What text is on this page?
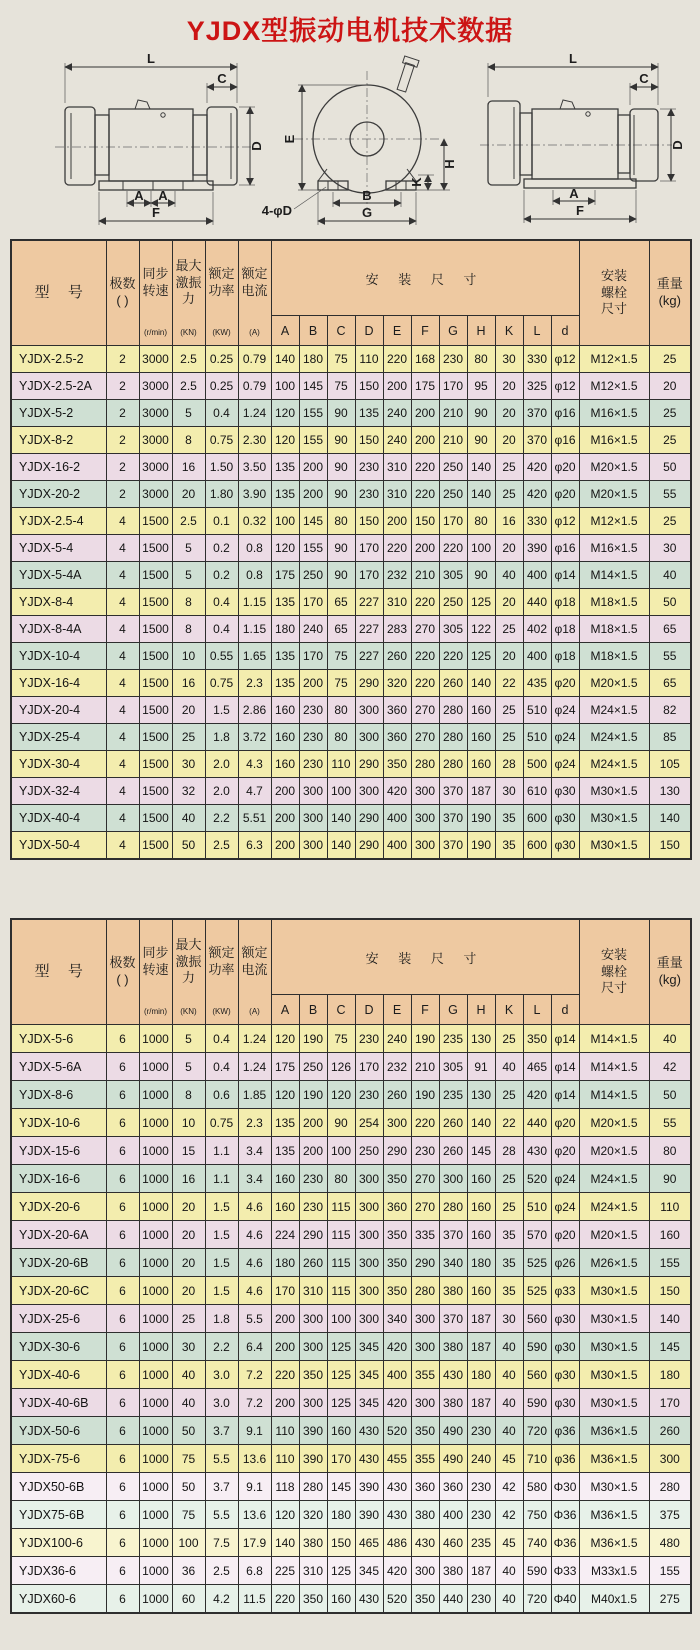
YJDX型振动电机技术数据
L
C
D
A A
F
E
H
K
B
G
4-φD
L
C
D
A
F
型 号

极数
( )

同步
转速
(r/min)

最大
激振
力
(KN)

额定
功率
(KW)

额定
电流
(A)
	安 装 尺 寸	安装
螺栓
尺寸

重量
(kg)

						A	B	C	D	E	F	G	H	K	L	d		
YJDX-2.5-2	2	3000	2.5	0.25	0.79	140	180	75	110	220	168	230	80	30	330	φ12	M12×1.5	25
YJDX-2.5-2A	2	3000	2.5	0.25	0.79	100	145	75	150	200	175	170	95	20	325	φ12	M12×1.5	20
YJDX-5-2	2	3000	5	0.4	1.24	120	155	90	135	240	200	210	90	20	370	φ16	M16×1.5	25
YJDX-8-2	2	3000	8	0.75	2.30	120	155	90	150	240	200	210	90	20	370	φ16	M16×1.5	25
YJDX-16-2	2	3000	16	1.50	3.50	135	200	90	230	310	220	250	140	25	420	φ20	M20×1.5	50
YJDX-20-2	2	3000	20	1.80	3.90	135	200	90	230	310	220	250	140	25	420	φ20	M20×1.5	55
YJDX-2.5-4	4	1500	2.5	0.1	0.32	100	145	80	150	200	150	170	80	16	330	φ12	M12×1.5	25
YJDX-5-4	4	1500	5	0.2	0.8	120	155	90	170	220	200	220	100	20	390	φ16	M16×1.5	30
YJDX-5-4A	4	1500	5	0.2	0.8	175	250	90	170	232	210	305	90	40	400	φ14	M14×1.5	40
YJDX-8-4	4	1500	8	0.4	1.15	135	170	65	227	310	220	250	125	20	440	φ18	M18×1.5	50
YJDX-8-4A	4	1500	8	0.4	1.15	180	240	65	227	283	270	305	122	25	402	φ18	M18×1.5	65
YJDX-10-4	4	1500	10	0.55	1.65	135	170	75	227	260	220	220	125	20	400	φ18	M18×1.5	55
YJDX-16-4	4	1500	16	0.75	2.3	135	200	75	290	320	220	260	140	22	435	φ20	M20×1.5	65
YJDX-20-4	4	1500	20	1.5	2.86	160	230	80	300	360	270	280	160	25	510	φ24	M24×1.5	82
YJDX-25-4	4	1500	25	1.8	3.72	160	230	80	300	360	270	280	160	25	510	φ24	M24×1.5	85
YJDX-30-4	4	1500	30	2.0	4.3	160	230	110	290	350	280	280	160	28	500	φ24	M24×1.5	105
YJDX-32-4	4	1500	32	2.0	4.7	200	300	100	300	420	300	370	187	30	610	φ30	M30×1.5	130
YJDX-40-4	4	1500	40	2.2	5.51	200	300	140	290	400	300	370	190	35	600	φ30	M30×1.5	140
YJDX-50-4	4	1500	50	2.5	6.3	200	300	140	290	400	300	370	190	35	600	φ30	M30×1.5	150
型 号

极数
( )

同步
转速
(r/min)

最大
激振
力
(KN)

额定
功率
(KW)

额定
电流
(A)
	安 装 尺 寸	安装
螺栓
尺寸

重量
(kg)

						A	B	C	D	E	F	G	H	K	L	d		
YJDX-5-6	6	1000	5	0.4	1.24	120	190	75	230	240	190	235	130	25	350	φ14	M14×1.5	40
YJDX-5-6A	6	1000	5	0.4	1.24	175	250	126	170	232	210	305	91	40	465	φ14	M14×1.5	42
YJDX-8-6	6	1000	8	0.6	1.85	120	190	120	230	260	190	235	130	25	420	φ14	M14×1.5	50
YJDX-10-6	6	1000	10	0.75	2.3	135	200	90	254	300	220	260	140	22	440	φ20	M20×1.5	55
YJDX-15-6	6	1000	15	1.1	3.4	135	200	100	250	290	230	260	145	28	430	φ20	M20×1.5	80
YJDX-16-6	6	1000	16	1.1	3.4	160	230	80	300	350	270	300	160	25	520	φ24	M24×1.5	90
YJDX-20-6	6	1000	20	1.5	4.6	160	230	115	300	360	270	280	160	25	510	φ24	M24×1.5	110
YJDX-20-6A	6	1000	20	1.5	4.6	224	290	115	300	350	335	370	160	35	570	φ20	M20×1.5	160
YJDX-20-6B	6	1000	20	1.5	4.6	180	260	115	300	350	290	340	180	35	525	φ26	M26×1.5	155
YJDX-20-6C	6	1000	20	1.5	4.6	170	310	115	300	350	280	380	160	35	525	φ33	M30×1.5	150
YJDX-25-6	6	1000	25	1.8	5.5	200	300	100	300	340	300	370	187	30	560	φ30	M30×1.5	140
YJDX-30-6	6	1000	30	2.2	6.4	200	300	125	345	420	300	380	187	40	590	φ30	M30×1.5	145
YJDX-40-6	6	1000	40	3.0	7.2	220	350	125	345	400	355	430	180	40	560	φ30	M30×1.5	180
YJDX-40-6B	6	1000	40	3.0	7.2	200	300	125	345	420	300	380	187	40	590	φ30	M30×1.5	170
YJDX-50-6	6	1000	50	3.7	9.1	110	390	160	430	520	350	490	230	40	720	φ36	M36×1.5	260
YJDX-75-6	6	1000	75	5.5	13.6	110	390	170	430	455	355	490	240	45	710	φ36	M36×1.5	300
YJDX50-6B	6	1000	50	3.7	9.1	118	280	145	390	430	360	360	230	42	580	Φ30	M30×1.5	280
YJDX75-6B	6	1000	75	5.5	13.6	120	320	180	390	430	380	400	230	42	750	Φ36	M36×1.5	375
YJDX100-6	6	1000	100	7.5	17.9	140	380	150	465	486	430	460	235	45	740	Φ36	M36×1.5	480
YJDX36-6	6	1000	36	2.5	6.8	225	310	125	345	420	300	380	187	40	590	Φ33	M33x1.5	155
YJDX60-6	6	1000	60	4.2	11.5	220	350	160	430	520	350	440	230	40	720	Φ40	M40x1.5	275
